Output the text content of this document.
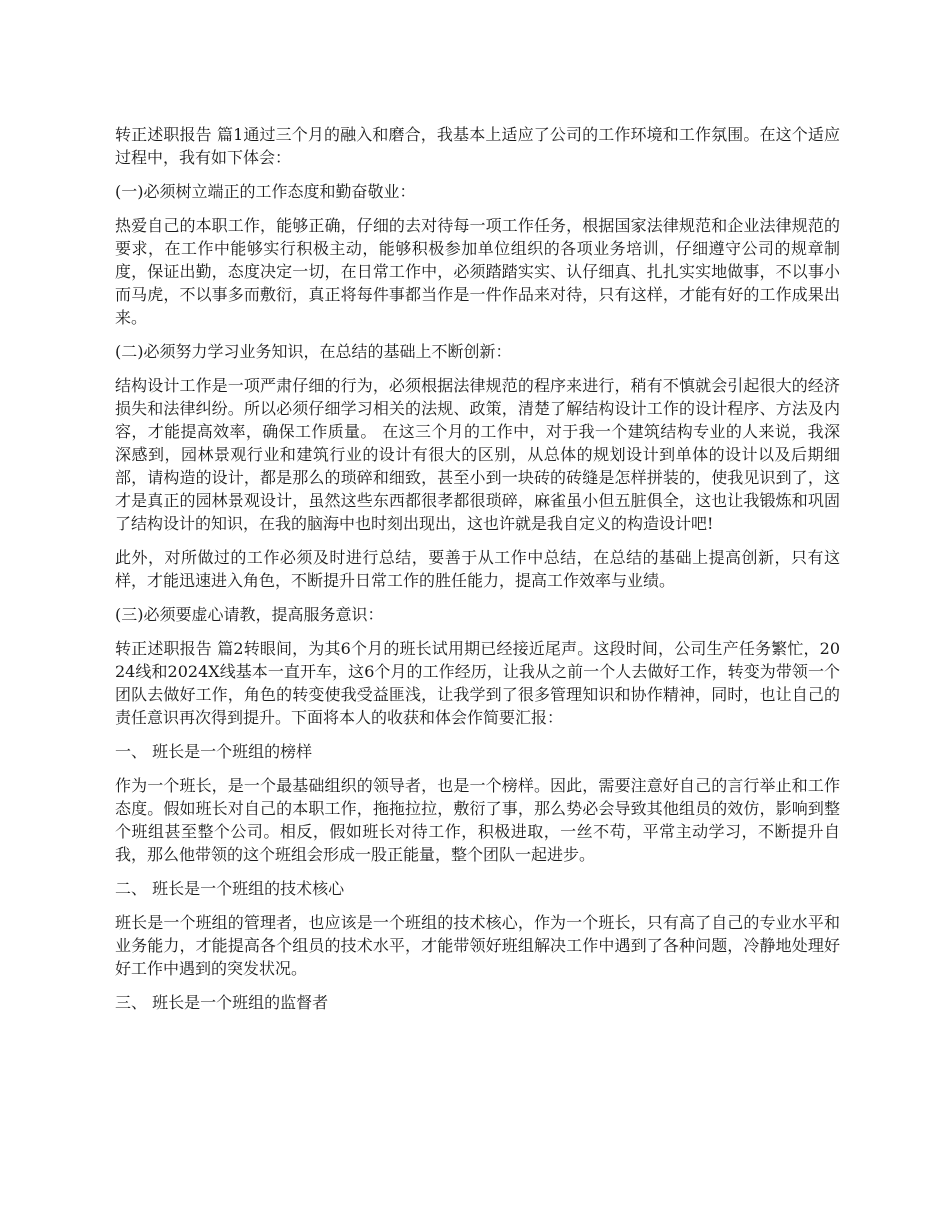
转正述职报告 篇1通过三个月的融入和磨合，我基本上适应了公司的工作环境和工作氛围。在这个适应过程中，我有如下体会：

(一)必须树立端正的工作态度和勤奋敬业：

热爱自己的本职工作，能够正确，仔细的去对待每一项工作任务，根据国家法律规范和企业法律规范的要求，在工作中能够实行积极主动，能够积极参加单位组织的各项业务培训，仔细遵守公司的规章制度，保证出勤，态度决定一切，在日常工作中，必须踏踏实实、认仔细真、扎扎实实地做事，不以事小而马虎，不以事多而敷衍，真正将每件事都当作是一件作品来对待，只有这样，才能有好的工作成果出来。

(二)必须努力学习业务知识，在总结的基础上不断创新：

结构设计工作是一项严肃仔细的行为，必须根据法律规范的程序来进行，稍有不慎就会引起很大的经济损失和法律纠纷。所以必须仔细学习相关的法规、政策，清楚了解结构设计工作的设计程序、方法及内容，才能提高效率，确保工作质量。 在这三个月的工作中，对于我一个建筑结构专业的人来说，我深深感到，园林景观行业和建筑行业的设计有很大的区别，从总体的规划设计到单体的设计以及后期细部，请构造的设计，都是那么的琐碎和细致，甚至小到一块砖的砖缝是怎样拼装的，使我见识到了，这才是真正的园林景观设计，虽然这些东西都很孝都很琐碎，麻雀虽小但五脏俱全，这也让我锻炼和巩固了结构设计的知识，在我的脑海中也时刻出现出，这也许就是我自定义的构造设计吧!

此外，对所做过的工作必须及时进行总结，要善于从工作中总结，在总结的基础上提高创新，只有这样，才能迅速进入角色，不断提升日常工作的胜任能力，提高工作效率与业绩。

(三)必须要虚心请教，提高服务意识：

转正述职报告 篇2转眼间，为其6个月的班长试用期已经接近尾声。这段时间，公司生产任务繁忙，2024线和2024X线基本一直开车，这6个月的工作经历，让我从之前一个人去做好工作，转变为带领一个团队去做好工作，角色的转变使我受益匪浅，让我学到了很多管理知识和协作精神，同时，也让自己的责任意识再次得到提升。下面将本人的收获和体会作简要汇报：

一、 班长是一个班组的榜样

作为一个班长，是一个最基础组织的领导者，也是一个榜样。因此，需要注意好自己的言行举止和工作态度。假如班长对自己的本职工作，拖拖拉拉，敷衍了事，那么势必会导致其他组员的效仿，影响到整个班组甚至整个公司。相反，假如班长对待工作，积极进取，一丝不苟，平常主动学习，不断提升自我，那么他带领的这个班组会形成一股正能量，整个团队一起进步。

二、 班长是一个班组的技术核心

班长是一个班组的管理者，也应该是一个班组的技术核心，作为一个班长，只有高了自己的专业水平和业务能力，才能提高各个组员的技术水平，才能带领好班组解决工作中遇到了各种问题，冷静地处理好好工作中遇到的突发状况。

三、 班长是一个班组的监督者
